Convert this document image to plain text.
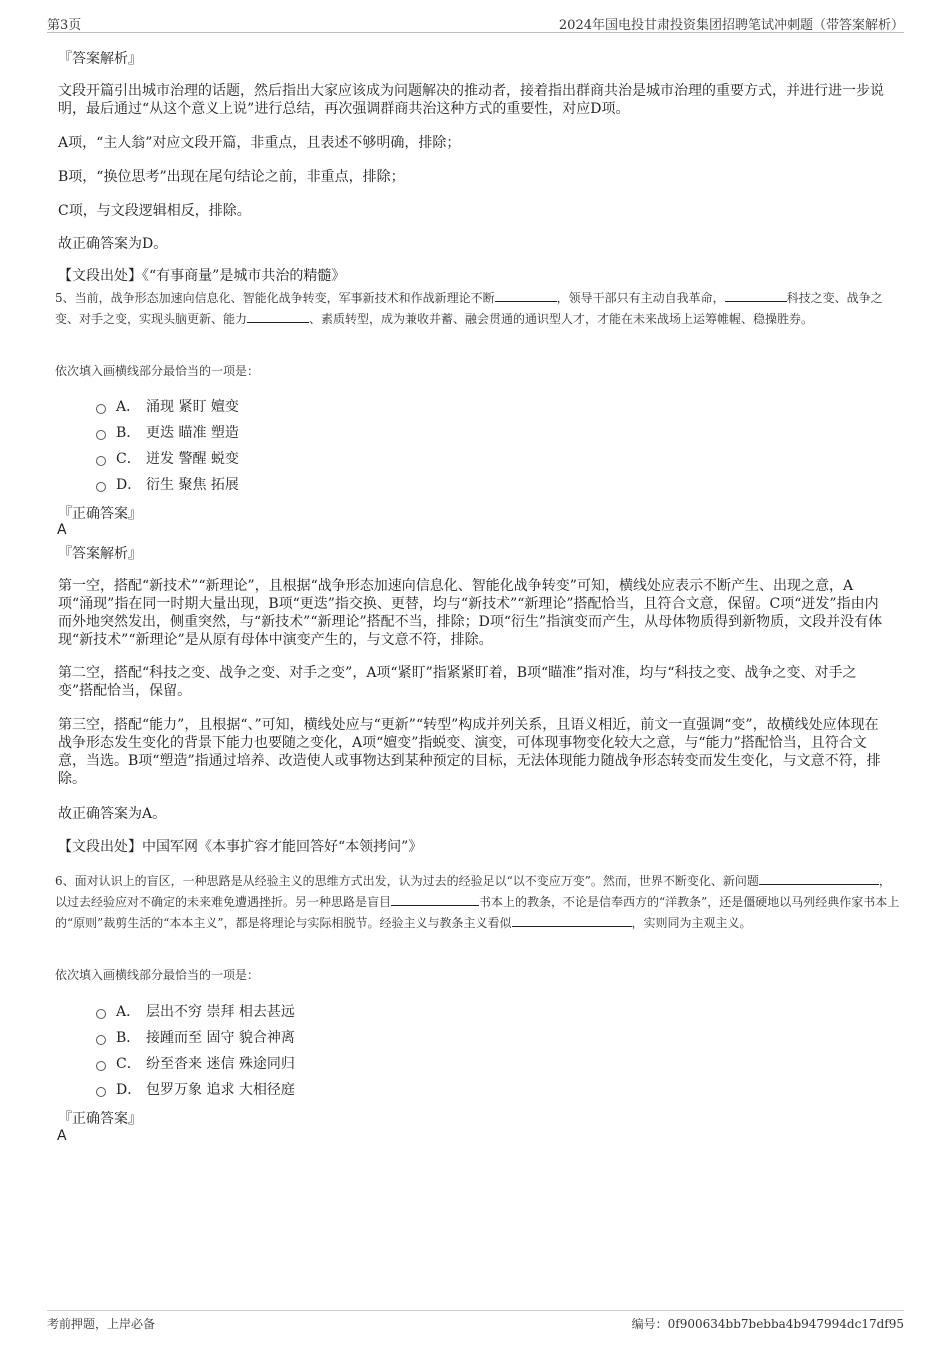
第3页	2024年国电投甘肃投资集团招聘笔试冲刺题（带答案解析）
『答案解析』
文段开篇引出城市治理的话题，然后指出大家应该成为问题解决的推动者，接着指出群商共治是城市治理的重要方式，并进行进一步说明，最后通过“从这个意义上说”进行总结，再次强调群商共治这种方式的重要性，对应D项。
A项，“主人翁”对应文段开篇，非重点，且表述不够明确，排除；
B项，“换位思考”出现在尾句结论之前，非重点，排除；
C项，与文段逻辑相反，排除。
故正确答案为D。
【文段出处】《“有事商量”是城市共治的精髓》
5、当前，战争形态加速向信息化、智能化战争转变，军事新技术和作战新理论不断	，领导干部只有主动自我革命，	科技之变、战争之变、对手之变，实现头脑更新、能力	、素质转型，成为兼收并蓄、融会贯通的通识型人才，才能在未来战场上运筹帷幄、稳操胜券。
依次填入画横线部分最恰当的一项是：
A． 涌现 紧盯 嬗变
B． 更迭 瞄准 塑造
C． 迸发 警醒 蜕变
D． 衍生 聚焦 拓展
『正确答案』
A
『答案解析』
第一空，搭配“新技术”“新理论”，且根据“战争形态加速向信息化、智能化战争转变”可知，横线处应表示不断产生、出现之意，A项“涌现”指在同一时期大量出现，B项“更迭”指交换、更替，均与“新技术”“新理论”搭配恰当，且符合文意，保留。C项“迸发”指由内而外地突然发出，侧重突然，与“新技术”“新理论”搭配不当，排除；D项“衍生”指演变而产生，从母体物质得到新物质，文段并没有体现“新技术”“新理论”是从原有母体中演变产生的，与文意不符，排除。
第二空，搭配“科技之变、战争之变、对手之变”，A项“紧盯”指紧紧盯着，B项“瞄准”指对准，均与“科技之变、战争之变、对手之变”搭配恰当，保留。
第三空，搭配“能力”，且根据“、”可知，横线处应与“更新”“转型”构成并列关系，且语义相近，前文一直强调“变”，故横线处应体现在战争形态发生变化的背景下能力也要随之变化，A项“嬗变”指蜕变、演变，可体现事物变化较大之意，与“能力”搭配恰当，且符合文意，当选。B项“塑造”指通过培养、改造使人或事物达到某种预定的目标，无法体现能力随战争形态转变而发生变化，与文意不符，排除。
故正确答案为A。
【文段出处】中国军网《本事扩容才能回答好“本领拷问”》
6、面对认识上的盲区，一种思路是从经验主义的思维方式出发，认为过去的经验足以“以不变应万变”。然而，世界不断变化、新问题	，以过去经验应对不确定的未来难免遭遇挫折。另一种思路是盲目	书本上的教条，不论是信奉西方的“洋教条”，还是僵硬地以马列经典作家书本上的“原则”裁剪生活的“本本主义”，都是将理论与实际相脱节。经验主义与教条主义看似	，实则同为主观主义。
依次填入画横线部分最恰当的一项是：
A． 层出不穷 崇拜 相去甚远
B． 接踵而至 固守 貌合神离
C． 纷至沓来 迷信 殊途同归
D． 包罗万象 追求 大相径庭
『正确答案』
A
考前押题，上岸必备	编号：0f900634bb7bebba4b947994dc17df95
